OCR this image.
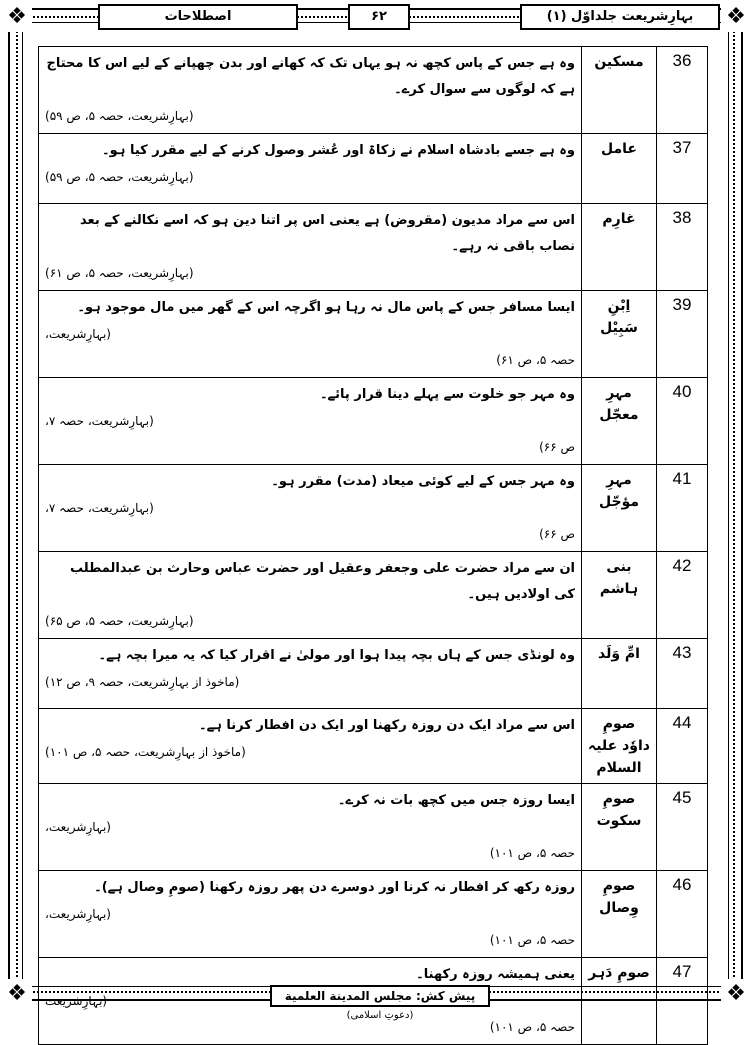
❖	❖
❖	❖
بہارِشریعت جلداوّل (۱)
۶۲
اصطلاحات
36	مسکین	وہ ہے جس کے پاس کچھ نہ ہو یہاں تک کہ کھانے اور بدن چھپانے کے لیے اس کا محتاج ہے کہ لوگوں سے سوال کرے۔
(بہارِشریعت، حصہ ۵، ص ۵۹)

37	عامل	وہ ہے جسے بادشاہ اسلام نے زکاۃ اور عُشر وصول کرنے کے لیے مقرر کیا ہو۔
(بہارِشریعت، حصہ ۵، ص ۵۹)

38	غارِم	اس سے مراد مدیون (مقروض) ہے یعنی اس پر اتنا دین ہو کہ اسے نکالنے کے بعد نصاب باقی نہ رہے۔
(بہارِشریعت، حصہ ۵، ص ۶۱)

39	اِبْنِ سَبِیْل	ایسا مسافر جس کے پاس مال نہ رہا ہو اگرچہ اس کے گھر میں مال موجود ہو۔
(بہارِشریعت،
حصہ ۵، ص ۶۱)

40	مہرِ معجّل	وہ مہر جو خلوت سے پہلے دینا قرار پائے۔
(بہارِشریعت، حصہ ۷،
ص ۶۶)

41	مہرِ مؤجّل	وہ مہر جس کے لیے کوئی میعاد (مدت) مقرر ہو۔
(بہارِشریعت، حصہ ۷،
ص ۶۶)

42	بنی ہاشم	ان سے مراد حضرت علی وجعفر وعقیل اور حضرت عباس وحارث بن عبدالمطلب کی اولادیں ہیں۔
(بہارِشریعت، حصہ ۵، ص ۶۵)

43	امِّ وَلَد	وہ لونڈی جس کے ہاں بچہ پیدا ہوا اور مولیٰ نے اقرار کیا کہ یہ میرا بچہ ہے۔
(ماخوذ از بہارِشریعت، حصہ ۹، ص ۱۲)

44	صومِ داوٗد علیہ السلام	اس سے مراد ایک دن روزہ رکھنا اور ایک دن افطار کرنا ہے۔
(ماخوذ از بہارِشریعت، حصہ ۵، ص ۱۰۱)

45	صومِ سکوت	ایسا روزہ جس میں کچھ بات نہ کرے۔
(بہارِشریعت،
حصہ ۵، ص ۱۰۱)

46	صومِ وِصال	روزہ رکھ کر افطار نہ کرنا اور دوسرے دن پھر روزہ رکھنا (صومِ وصال ہے)۔
(بہارِشریعت،
حصہ ۵، ص ۱۰۱)

47	صومِ دَہر	یعنی ہمیشہ روزہ رکھنا۔
(بہارِشریعت
حصہ ۵، ص ۱۰۱)
پیش کش: مجلس المدینة العلمیة (دعوتِ اسلامی)
